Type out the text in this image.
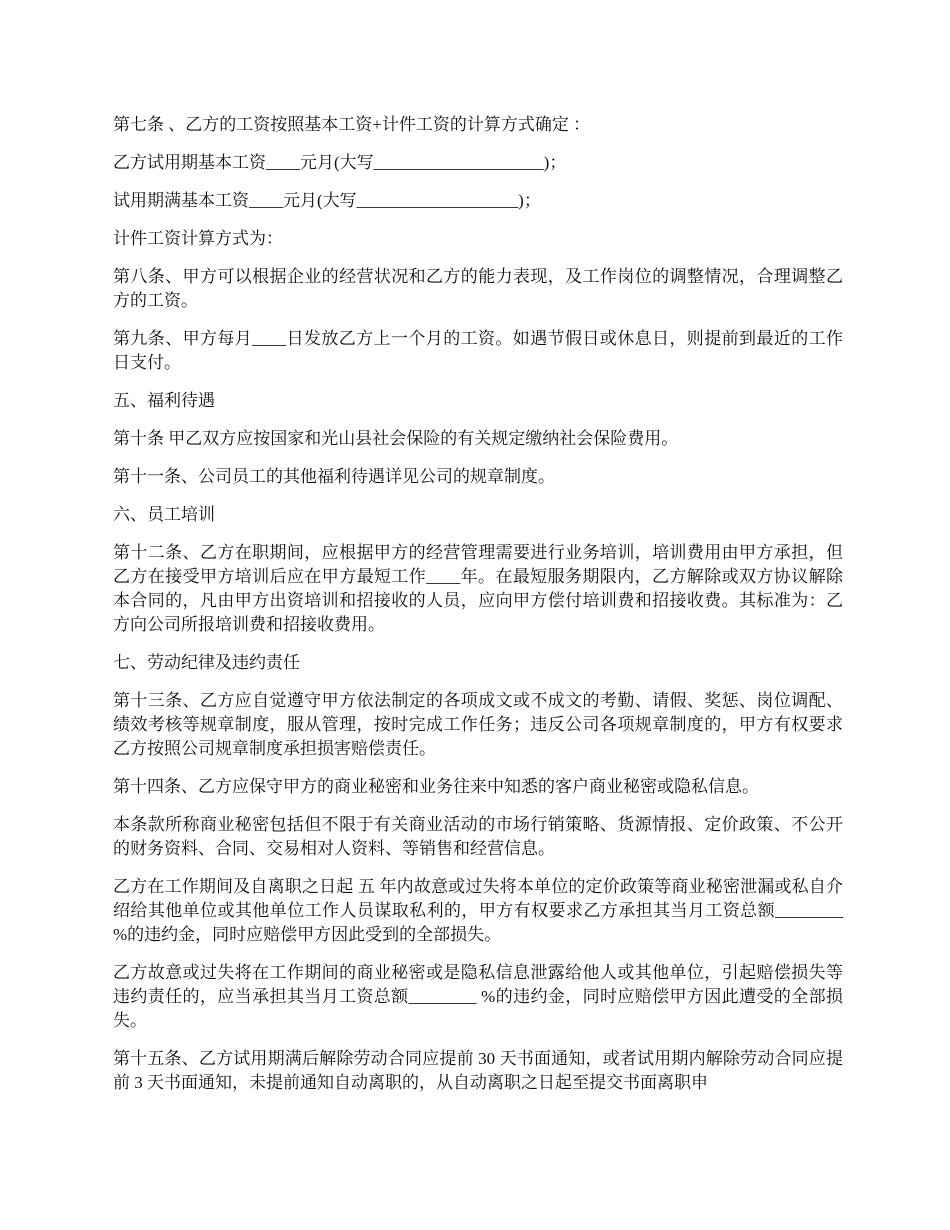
第七条 、乙方的工资按照基本工资+计件工资的计算方式确定 ：

乙方试用期基本工资____元月(大写____________________)；

试用期满基本工资____元月(大写___________________)；

计件工资计算方式为：

第八条、甲方可以根据企业的经营状况和乙方的能力表现，及工作岗位的调整情况，合理调整乙方的工资。

第九条、甲方每月____日发放乙方上一个月的工资。如遇节假日或休息日，则提前到最近的工作日支付。

五、福利待遇

第十条 甲乙双方应按国家和光山县社会保险的有关规定缴纳社会保险费用。

第十一条、公司员工的其他福利待遇详见公司的规章制度。

六、员工培训

第十二条、乙方在职期间，应根据甲方的经营管理需要进行业务培训，培训费用由甲方承担，但乙方在接受甲方培训后应在甲方最短工作____年。在最短服务期限内，乙方解除或双方协议解除本合同的，凡由甲方出资培训和招接收的人员，应向甲方偿付培训费和招接收费。其标准为：乙方向公司所报培训费和招接收费用。

七、劳动纪律及违约责任

第十三条、乙方应自觉遵守甲方依法制定的各项成文或不成文的考勤、请假、奖惩、岗位调配、绩效考核等规章制度，服从管理，按时完成工作任务；违反公司各项规章制度的，甲方有权要求乙方按照公司规章制度承担损害赔偿责任。

第十四条、乙方应保守甲方的商业秘密和业务往来中知悉的客户商业秘密或隐私信息。

本条款所称商业秘密包括但不限于有关商业活动的市场行销策略、货源情报、定价政策、不公开的财务资料、合同、交易相对人资料、等销售和经营信息。

乙方在工作期间及自离职之日起 五 年内故意或过失将本单位的定价政策等商业秘密泄漏或私自介绍给其他单位或其他单位工作人员谋取私利的，甲方有权要求乙方承担其当月工资总额________ %的违约金，同时应赔偿甲方因此受到的全部损失。

乙方故意或过失将在工作期间的商业秘密或是隐私信息泄露给他人或其他单位，引起赔偿损失等违约责任的，应当承担其当月工资总额________ %的违约金，同时应赔偿甲方因此遭受的全部损失。

第十五条、乙方试用期满后解除劳动合同应提前 30 天书面通知，或者试用期内解除劳动合同应提前 3 天书面通知，未提前通知自动离职的，从自动离职之日起至提交书面离职申
